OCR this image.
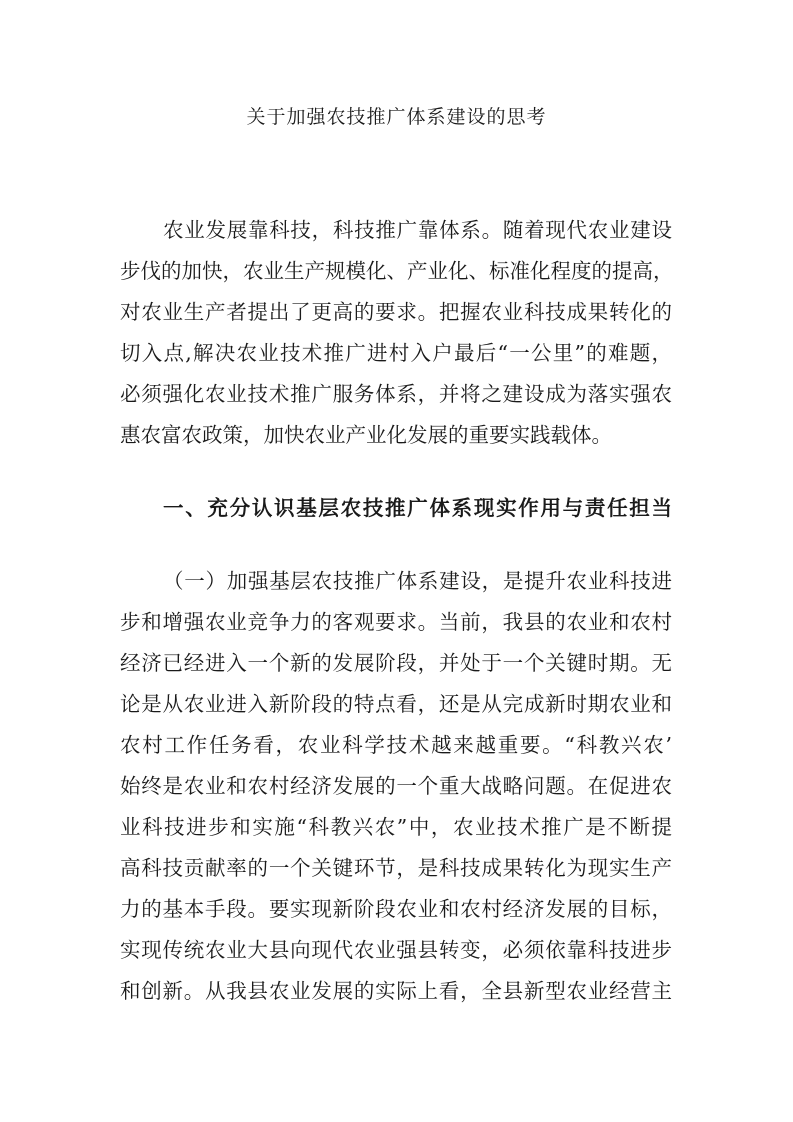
关于加强农技推广体系建设的思考
农业发展靠科技，科技推广靠体系。随着现代农业建设
步伐的加快，农业生产规模化、产业化、标准化程度的提高，
对农业生产者提出了更高的要求。把握农业科技成果转化的
切入点,解决农业技术推广进村入户最后“一公里”的难题，
必须强化农业技术推广服务体系，并将之建设成为落实强农
惠农富农政策，加快农业产业化发展的重要实践载体。
一、充分认识基层农技推广体系现实作用与责任担当
（一）加强基层农技推广体系建设，是提升农业科技进
步和增强农业竞争力的客观要求。当前，我县的农业和农村
经济已经进入一个新的发展阶段，并处于一个关键时期。无
论是从农业进入新阶段的特点看，还是从完成新时期农业和
农村工作任务看，农业科学技术越来越重要。“科教兴农’
始终是农业和农村经济发展的一个重大战略问题。在促进农
业科技进步和实施“科教兴农”中，农业技术推广是不断提
高科技贡献率的一个关键环节，是科技成果转化为现实生产
力的基本手段。要实现新阶段农业和农村经济发展的目标，
实现传统农业大县向现代农业强县转变，必须依靠科技进步
和创新。从我县农业发展的实际上看，全县新型农业经营主
